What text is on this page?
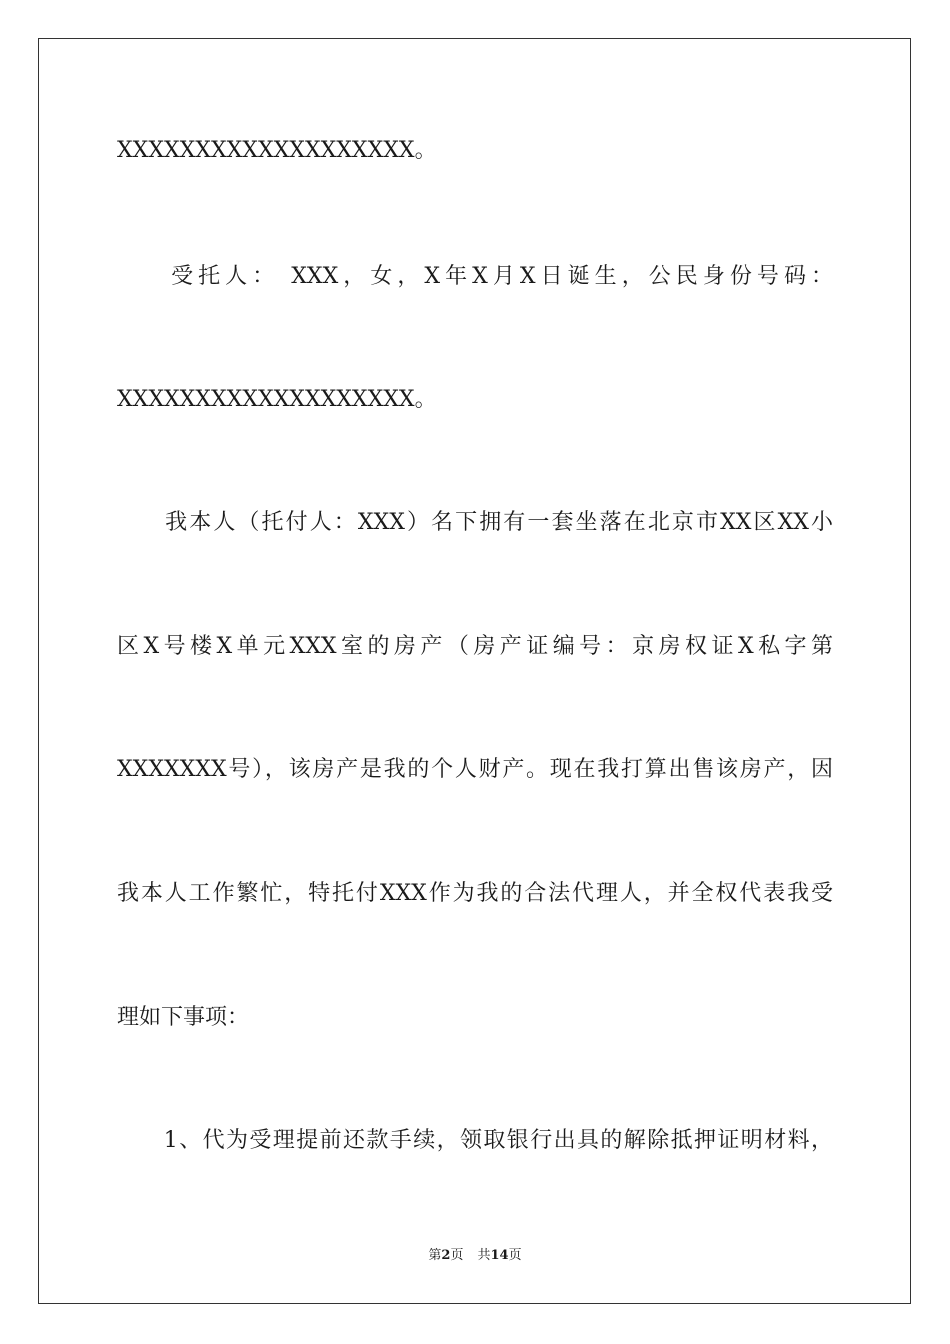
XXXXXXXXXXXXXXXXXXX。
　　受托人： XXX，女，X年X月X日诞生，公民身份号码：
XXXXXXXXXXXXXXXXXXX。
　　我本人（托付人：XXX）名下拥有一套坐落在北京市XX区XX小
区X号楼X单元XXX室的房产（房产证编号：京房权证X私字第
XXXXXXX号），该房产是我的个人财产。现在我打算出售该房产，因
我本人工作繁忙，特托付XXX作为我的合法代理人，并全权代表我受
理如下事项：
　　1、代为受理提前还款手续，领取银行出具的解除抵押证明材料，
第2页 共14页
